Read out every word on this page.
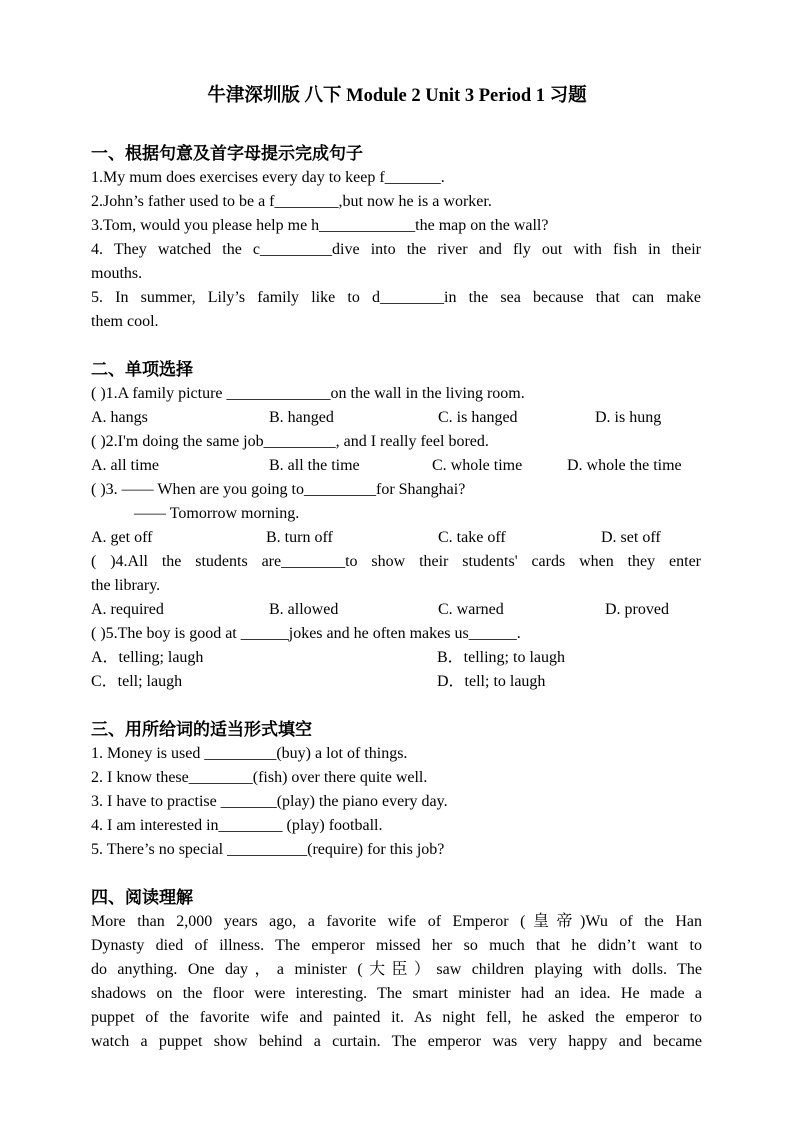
牛津深圳版 八下 Module 2 Unit 3 Period 1 习题
一、根据句意及首字母提示完成句子
1.My mum does exercises every day to keep f_______.
2.John’s father used to be a f________,but now he is a worker.
3.Tom, would you please help me h____________the map on the wall?
4. They watched the c_________dive into the river and fly out with fish in their
mouths.
5. In summer, Lily’s family like to d________in the sea because that can make
them cool.
二、单项选择
( )1.A family picture _____________on the wall in the living room.
A. hangs	B. hanged	C. is hanged	D. is hung
( )2.I'm doing the same job_________, and I really feel bored.
A. all time	B. all the time	C. whole time	D. whole the time
( )3. —— When are you going to_________for Shanghai?
—— Tomorrow morning.
A. get off	B. turn off	C. take off	D. set off
( )4.All the students are________to show their students' cards when they enter
the library.
A. required	B. allowed	C. warned	D. proved
( )5.The boy is good at ______jokes and he often makes us______.
A．telling; laugh	B．telling; to laugh
C．tell; laugh	D．tell; to laugh
三、用所给词的适当形式填空
1. Money is used _________(buy) a lot of things.
2. I know these________(fish) over there quite well.
3. I have to practise _______(play) the piano every day.
4. I am interested in________ (play) football.
5. There’s no special __________(require) for this job?
四、阅读理解
More than 2,000 years ago, a favorite wife of Emperor (皇帝)Wu of the Han
Dynasty died of illness. The emperor missed her so much that he didn’t want to
do anything. One day，a minister (大臣）saw children playing with dolls. The
shadows on the floor were interesting. The smart minister had an idea. He made a
puppet of the favorite wife and painted it. As night fell, he asked the emperor to
watch a puppet show behind a curtain. The emperor was very happy and became
